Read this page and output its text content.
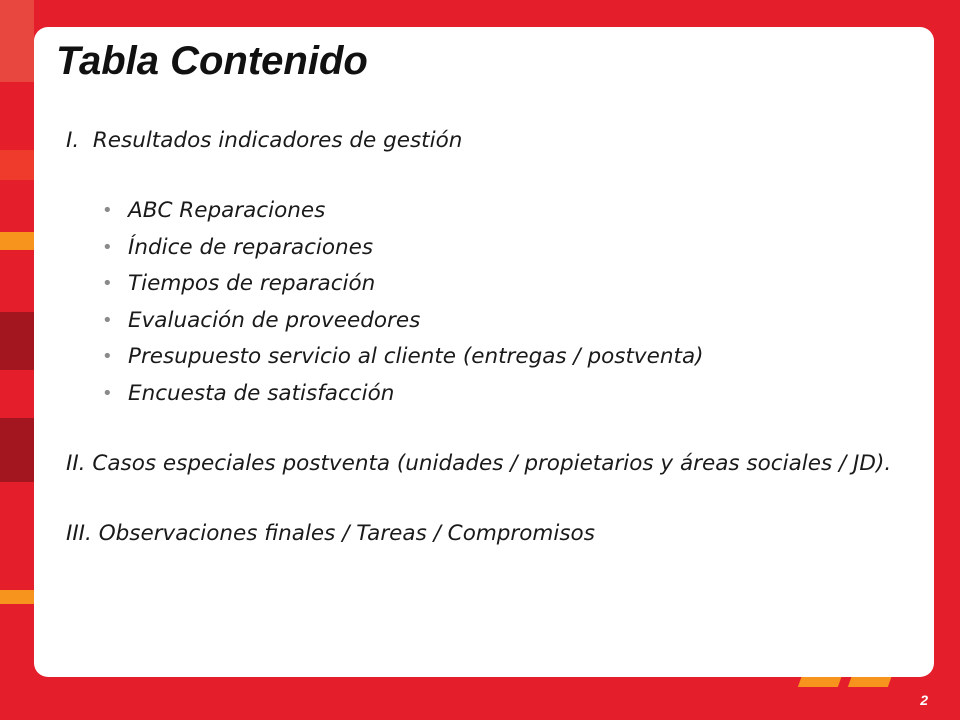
Tabla Contenido

I.  Resultados indicadores de gestión

• ABC Reparaciones
• Índice de reparaciones
• Tiempos de reparación
• Evaluación de proveedores
• Presupuesto servicio al cliente (entregas / postventa)
• Encuesta de satisfacción

II. Casos especiales postventa (unidades / propietarios y áreas sociales / JD).

III. Observaciones finales / Tareas / Compromisos

2
